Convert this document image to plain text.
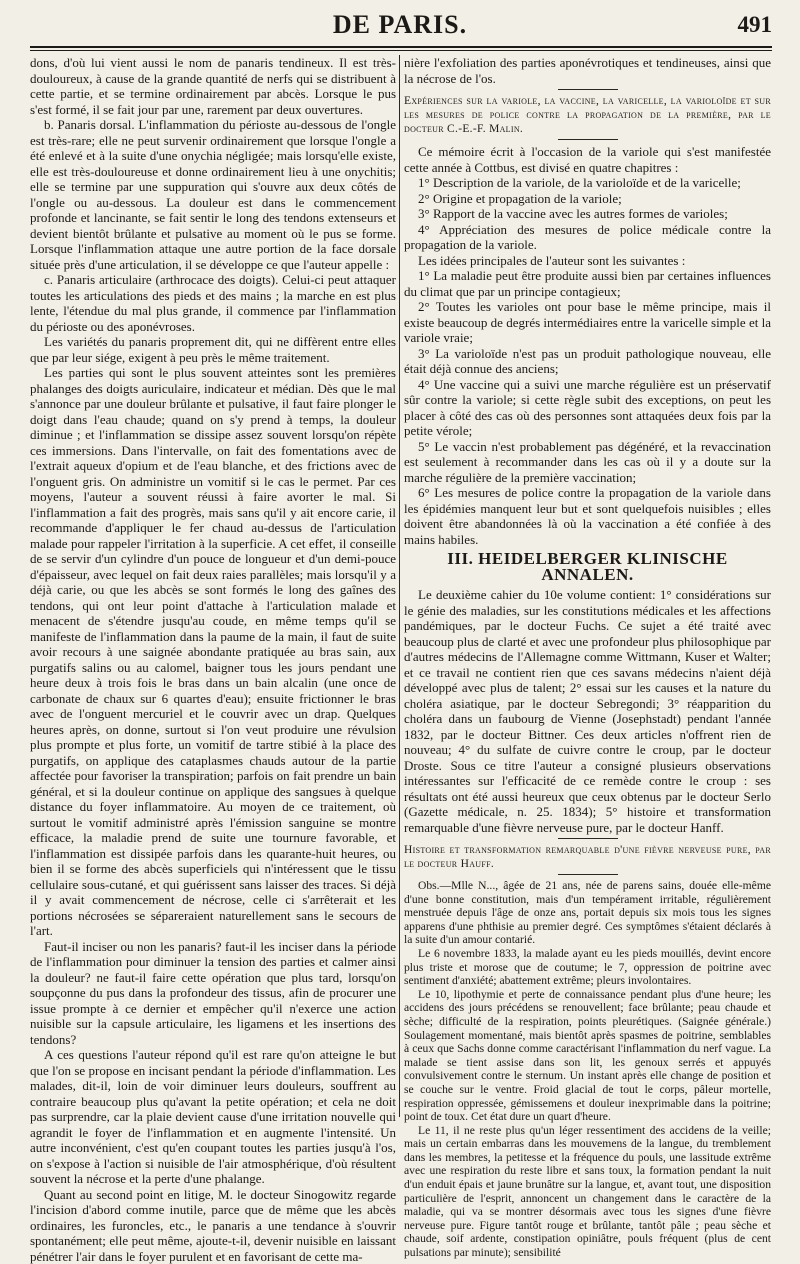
DE PARIS.	491

dons, d'où lui vient aussi le nom de panaris tendineux. Il est très-douloureux, à cause de la grande quantité de nerfs qui se distribuent à cette partie, et se termine ordinairement par abcès. Lorsque le pus s'est formé, il se fait jour par une, rarement par deux ouvertures.

b. Panaris dorsal. L'inflammation du périoste au-dessous de l'ongle est très-rare; elle ne peut survenir ordinairement que lorsque l'ongle a été enlevé et à la suite d'une onychia négligée; mais lorsqu'elle existe, elle est très-douloureuse et donne ordinairement lieu à une onychitis; elle se termine par une suppuration qui s'ouvre aux deux côtés de l'ongle ou au-dessous. La douleur est dans le commencement profonde et lancinante, se fait sentir le long des tendons extenseurs et devient bientôt brûlante et pulsative au moment où le pus se forme. Lorsque l'inflammation attaque une autre portion de la face dorsale située près d'une articulation, il se développe ce que l'auteur appelle :

c. Panaris articulaire (arthrocace des doigts). Celui-ci peut attaquer toutes les articulations des pieds et des mains ; la marche en est plus lente, l'étendue du mal plus grande, il commence par l'inflammation du périoste ou des aponévroses.

Les variétés du panaris proprement dit, qui ne diffèrent entre elles que par leur siége, exigent à peu près le même traitement.

Les parties qui sont le plus souvent atteintes sont les premières phalanges des doigts auriculaire, indicateur et médian. Dès que le mal s'annonce par une douleur brûlante et pulsative, il faut faire plonger le doigt dans l'eau chaude; quand on s'y prend à temps, la douleur diminue ; et l'inflammation se dissipe assez souvent lorsqu'on répète ces immersions. Dans l'intervalle, on fait des fomentations avec de l'extrait aqueux d'opium et de l'eau blanche, et des frictions avec de l'onguent gris. On administre un vomitif si le cas le permet. Par ces moyens, l'auteur a souvent réussi à faire avorter le mal. Si l'inflammation a fait des progrès, mais sans qu'il y ait encore carie, il recommande d'appliquer le fer chaud au-dessus de l'articulation malade pour rappeler l'irritation à la superficie. A cet effet, il conseille de se servir d'un cylindre d'un pouce de longueur et d'un demi-pouce d'épaisseur, avec lequel on fait deux raies parallèles; mais lorsqu'il y a déjà carie, ou que les abcès se sont formés le long des gaînes des tendons, qui ont leur point d'attache à l'articulation malade et menacent de s'étendre jusqu'au coude, en même temps qu'il se manifeste de l'inflammation dans la paume de la main, il faut de suite avoir recours à une saignée abondante pratiquée au bras sain, aux purgatifs salins ou au calomel, baigner tous les jours pendant une heure deux à trois fois le bras dans un bain alcalin (une once de carbonate de chaux sur 6 quartes d'eau); ensuite frictionner le bras avec de l'onguent mercuriel et le couvrir avec un drap. Quelques heures après, on donne, surtout si l'on veut produire une révulsion plus prompte et plus forte, un vomitif de tartre stibié à la place des purgatifs, on applique des cataplasmes chauds autour de la partie affectée pour favoriser la transpiration; parfois on fait prendre un bain général, et si la douleur continue on applique des sangsues à quelque distance du foyer inflammatoire. Au moyen de ce traitement, où surtout le vomitif administré après l'émission sanguine se montre efficace, la maladie prend de suite une tournure favorable, et l'inflammation est dissipée parfois dans les quarante-huit heures, ou bien il se forme des abcès superficiels qui n'intéressent que le tissu cellulaire sous-cutané, et qui guérissent sans laisser des traces. Si déjà il y avait commencement de nécrose, celle ci s'arrêterait et les portions nécrosées se sépareraient naturellement sans le secours de l'art.

Faut-il inciser ou non les panaris? faut-il les inciser dans la période de l'inflammation pour diminuer la tension des parties et calmer ainsi la douleur? ne faut-il faire cette opération que plus tard, lorsqu'on soupçonne du pus dans la profondeur des tissus, afin de procurer une issue prompte à ce dernier et empêcher qu'il n'exerce une action nuisible sur la capsule articulaire, les ligamens et les insertions des tendons?

A ces questions l'auteur répond qu'il est rare qu'on atteigne le but que l'on se propose en incisant pendant la période d'inflammation. Les malades, dit-il, loin de voir diminuer leurs douleurs, souffrent au contraire beaucoup plus qu'avant la petite opération; et cela ne doit pas surprendre, car la plaie devient cause d'une irritation nouvelle qui agrandit le foyer de l'inflammation et en augmente l'intensité. Un autre inconvénient, c'est qu'en coupant toutes les parties jusqu'à l'os, on s'expose à l'action si nuisible de l'air atmosphérique, d'où résultent souvent la nécrose et la perte d'une phalange.

Quant au second point en litige, M. le docteur Sinogowitz regarde l'incision d'abord comme inutile, parce que de même que les abcès ordinaires, les furoncles, etc., le panaris a une tendance à s'ouvrir spontanément; elle peut même, ajoute-t-il, devenir nuisible en laissant pénétrer l'air dans le foyer purulent et en favorisant de cette ma-

nière l'exfoliation des parties aponévrotiques et tendineuses, ainsi que la nécrose de l'os.

Expériences sur la variole, la vaccine, la varicelle, la varioloïde et sur les mesures de police contre la propagation de la première, par le docteur C.-E.-F. Malin.

Ce mémoire écrit à l'occasion de la variole qui s'est manifestée cette année à Cottbus, est divisé en quatre chapitres :

1° Description de la variole, de la varioloïde et de la varicelle;

2° Origine et propagation de la variole;

3° Rapport de la vaccine avec les autres formes de varioles;

4° Appréciation des mesures de police médicale contre la propagation de la variole.

Les idées principales de l'auteur sont les suivantes :

1° La maladie peut être produite aussi bien par certaines influences du climat que par un principe contagieux;

2° Toutes les varioles ont pour base le même principe, mais il existe beaucoup de degrés intermédiaires entre la varicelle simple et la variole vraie;

3° La varioloïde n'est pas un produit pathologique nouveau, elle était déjà connue des anciens;

4° Une vaccine qui a suivi une marche régulière est un préservatif sûr contre la variole; si cette règle subit des exceptions, on peut les placer à côté des cas où des personnes sont attaquées deux fois par la petite vérole;

5° Le vaccin n'est probablement pas dégénéré, et la revaccination est seulement à recommander dans les cas où il y a doute sur la marche régulière de la première vaccination;

6° Les mesures de police contre la propagation de la variole dans les épidémies manquent leur but et sont quelquefois nuisibles ; elles doivent être abandonnées là où la vaccination a été confiée à des mains habiles.

III. HEIDELBERGER KLINISCHE ANNALEN.

Le deuxième cahier du 10e volume contient: 1° considérations sur le génie des maladies, sur les constitutions médicales et les affections pandémiques, par le docteur Fuchs. Ce sujet a été traité avec beaucoup plus de clarté et avec une profondeur plus philosophique par d'autres médecins de l'Allemagne comme Wittmann, Kuser et Walter; et ce travail ne contient rien que ces savans médecins n'aient déjà développé avec plus de talent; 2° essai sur les causes et la nature du choléra asiatique, par le docteur Sebregondi; 3° réapparition du choléra dans un faubourg de Vienne (Josephstadt) pendant l'année 1832, par le docteur Bittner. Ces deux articles n'offrent rien de nouveau; 4° du sulfate de cuivre contre le croup, par le docteur Droste. Sous ce titre l'auteur a consigné plusieurs observations intéressantes sur l'efficacité de ce remède contre le croup : ses résultats ont été aussi heureux que ceux obtenus par le docteur Serlo (Gazette médicale, n. 25. 1834); 5° histoire et transformation remarquable d'une fièvre nerveuse pure, par le docteur Hanff.

Histoire et transformation remarquable d'une fièvre nerveuse pure, par le docteur Hauff.

Obs.—Mlle N..., âgée de 21 ans, née de parens sains, douée elle-même d'une bonne constitution, mais d'un tempérament irritable, régulièrement menstruée depuis l'âge de onze ans, portait depuis six mois tous les signes apparens d'une phthisie au premier degré. Ces symptômes s'étaient déclarés à la suite d'un amour contarié.

Le 6 novembre 1833, la malade ayant eu les pieds mouillés, devint encore plus triste et morose que de coutume; le 7, oppression de poitrine avec sentiment d'anxiété; abattement extrême; pleurs involontaires.

Le 10, lipothymie et perte de connaissance pendant plus d'une heure; les accidens des jours précédens se renouvellent; face brûlante; peau chaude et sèche; difficulté de la respiration, points pleurétiques. (Saignée générale.) Soulagement momentané, mais bientôt après spasmes de poitrine, semblables à ceux que Sachs donne comme caractérisant l'inflammation du nerf vague. La malade se tient assise dans son lit, les genoux serrés et appuyés convulsivement contre le sternum. Un instant après elle change de position et se couche sur le ventre. Froid glacial de tout le corps, pâleur mortelle, respiration oppressée, gémissemens et douleur inexprimable dans la poitrine; point de toux. Cet état dure un quart d'heure.

Le 11, il ne reste plus qu'un léger ressentiment des accidens de la veille; mais un certain embarras dans les mouvemens de la langue, du tremblement dans les membres, la petitesse et la fréquence du pouls, une lassitude extrême avec une respiration du reste libre et sans toux, la formation pendant la nuit d'un enduit épais et jaune brunâtre sur la langue, et, avant tout, une disposition particulière de l'esprit, annoncent un changement dans le caractère de la maladie, qui va se montrer désormais avec tous les signes d'une fièvre nerveuse pure. Figure tantôt rouge et brûlante, tantôt pâle ; peau sèche et chaude, soif ardente, constipation opiniâtre, pouls fréquent (plus de cent pulsations par minute); sensibilité
